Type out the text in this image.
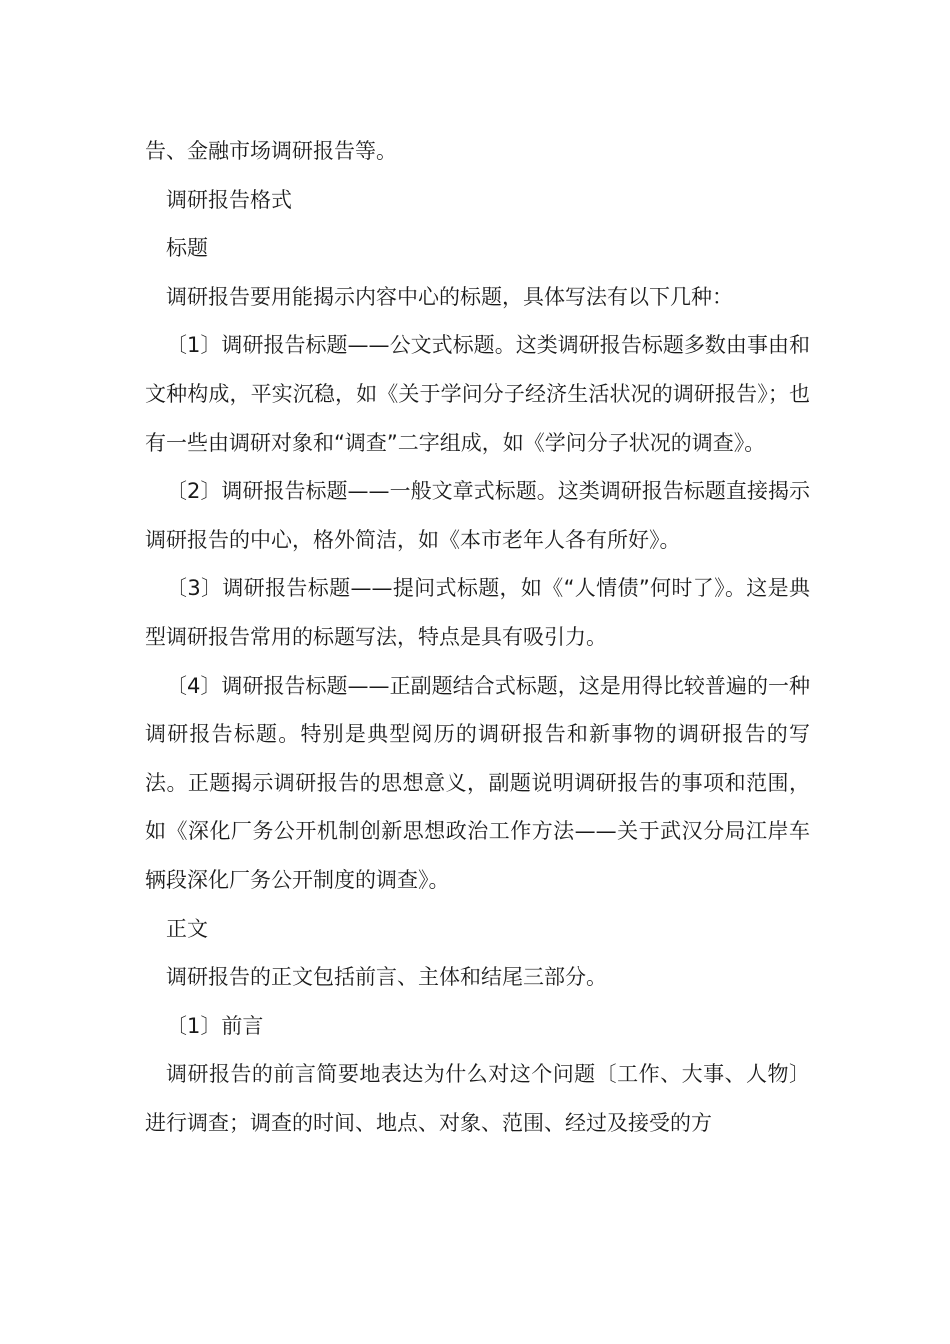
告、金融市场调研报告等。

调研报告格式

标题

调研报告要用能揭示内容中心的标题，具体写法有以下几种：

〔1〕调研报告标题——公文式标题。这类调研报告标题多数由事由和文种构成，平实沉稳，如《关于学问分子经济生活状况的调研报告》；也有一些由调研对象和“调查”二字组成，如《学问分子状况的调查》。

〔2〕调研报告标题——一般文章式标题。这类调研报告标题直接揭示调研报告的中心，格外简洁，如《本市老年人各有所好》。

〔3〕调研报告标题——提问式标题，如《“人情债”何时了》。这是典型调研报告常用的标题写法，特点是具有吸引力。

〔4〕调研报告标题——正副题结合式标题，这是用得比较普遍的一种调研报告标题。特别是典型阅历的调研报告和新事物的调研报告的写法。正题揭示调研报告的思想意义，副题说明调研报告的事项和范围，如《深化厂务公开机制创新思想政治工作方法——关于武汉分局江岸车辆段深化厂务公开制度的调查》。

正文

调研报告的正文包括前言、主体和结尾三部分。

〔1〕前言

调研报告的前言简要地表达为什么对这个问题〔工作、大事、人物〕进行调查；调查的时间、地点、对象、范围、经过及接受的方
